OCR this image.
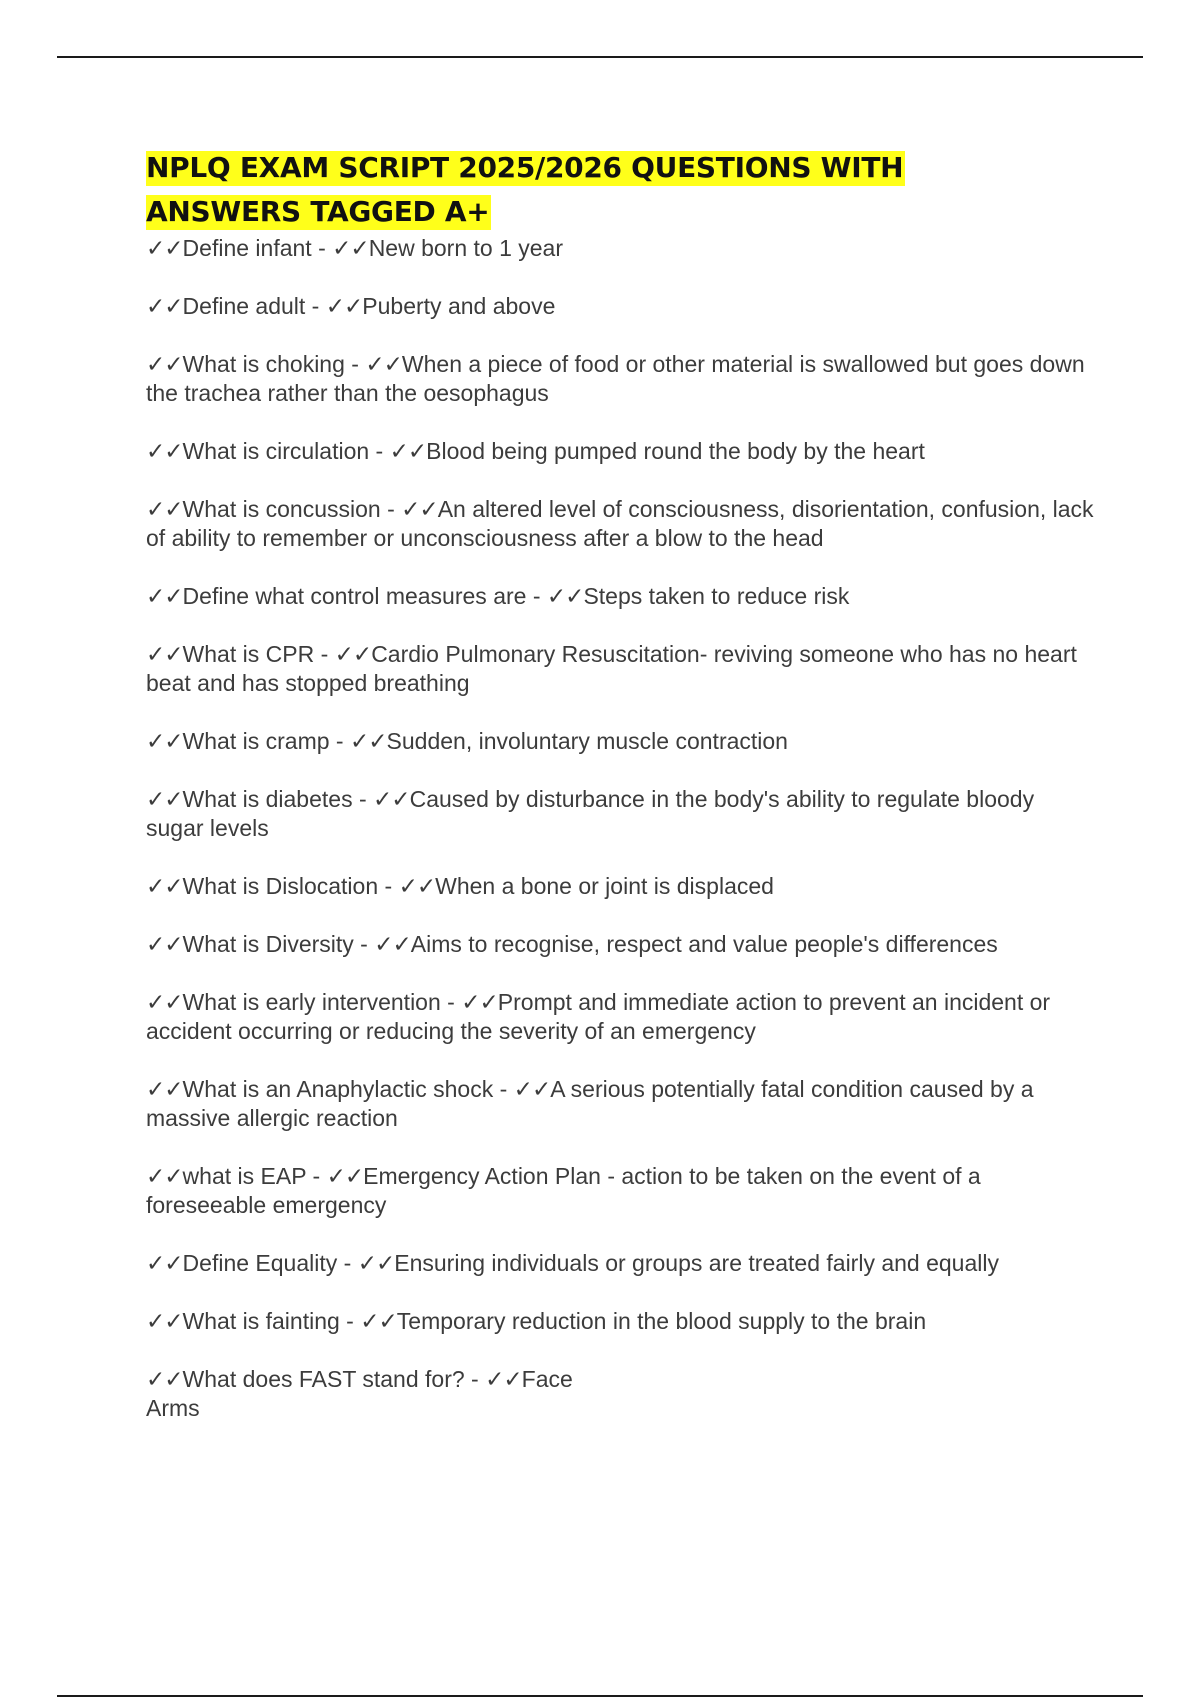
NPLQ EXAM SCRIPT 2025/2026 QUESTIONS WITH
ANSWERS TAGGED A+

✓✓Define infant - ✓✓New born to 1 year

✓✓Define adult - ✓✓Puberty and above

✓✓What is choking - ✓✓When a piece of food or other material is swallowed but goes down the trachea rather than the oesophagus

✓✓What is circulation - ✓✓Blood being pumped round the body by the heart

✓✓What is concussion - ✓✓An altered level of consciousness, disorientation, confusion, lack of ability to remember or unconsciousness after a blow to the head

✓✓Define what control measures are - ✓✓Steps taken to reduce risk

✓✓What is CPR - ✓✓Cardio Pulmonary Resuscitation- reviving someone who has no heart beat and has stopped breathing

✓✓What is cramp - ✓✓Sudden, involuntary muscle contraction

✓✓What is diabetes - ✓✓Caused by disturbance in the body's ability to regulate bloody sugar levels

✓✓What is Dislocation - ✓✓When a bone or joint is displaced

✓✓What is Diversity - ✓✓Aims to recognise, respect and value people's differences

✓✓What is early intervention - ✓✓Prompt and immediate action to prevent an incident or accident occurring or reducing the severity of an emergency

✓✓What is an Anaphylactic shock - ✓✓A serious potentially fatal condition caused by a massive allergic reaction

✓✓what is EAP - ✓✓Emergency Action Plan - action to be taken on the event of a foreseeable emergency

✓✓Define Equality - ✓✓Ensuring individuals or groups are treated fairly and equally

✓✓What is fainting - ✓✓Temporary reduction in the blood supply to the brain

✓✓What does FAST stand for? - ✓✓Face
Arms
